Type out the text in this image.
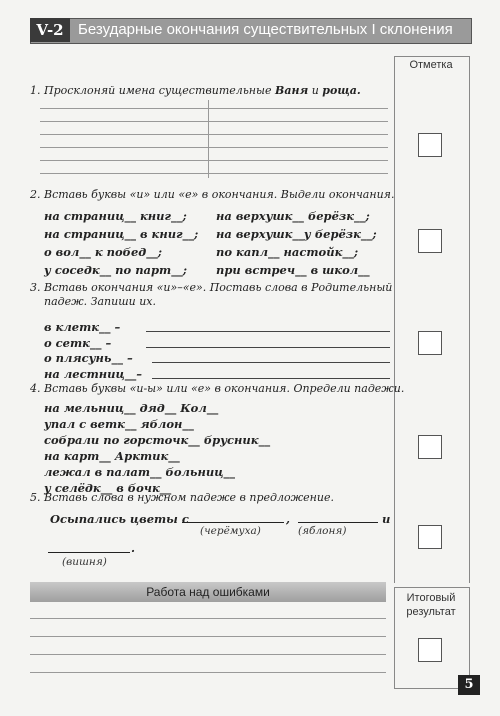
V-2 Безударные окончания существительных I склонения
Отметка
Итоговый
результат
1. Просклоняй имена существительные Ваня и роща.
2. Вставь буквы «и» или «е» в окончания. Выдели окончания.
на страниц__ книг__;	на верхушк__ берёзк__;
на страниц__ в книг__; на верхушк__у берёзк__;
о вол__ к побед__;	по капл__ настойк__;
у соседк__ по парт__;	при встреч__ в школ__
3. Вставь окончания «и»–«е». Поставь слова в Родительный
падеж. Запиши их.
в клетк__ –
о сетк__ –
о плясунь__ –
на лестниц__–
4. Вставь буквы «и-ы» или «е» в окончания. Определи падежи.
на мельниц__ дяд__ Кол__
упал с ветк__ яблон__
собрали по горсточк__ брусник__
на карт__ Арктик__
лежал в палат__ больниц__
у селёдк__ в бочк__
5. Вставь слова в нужном падеже в предложение.
Осыпались цветы с	,	и
(черёмуха)	(яблоня)
.
(вишня)
Работа над ошибками
5
